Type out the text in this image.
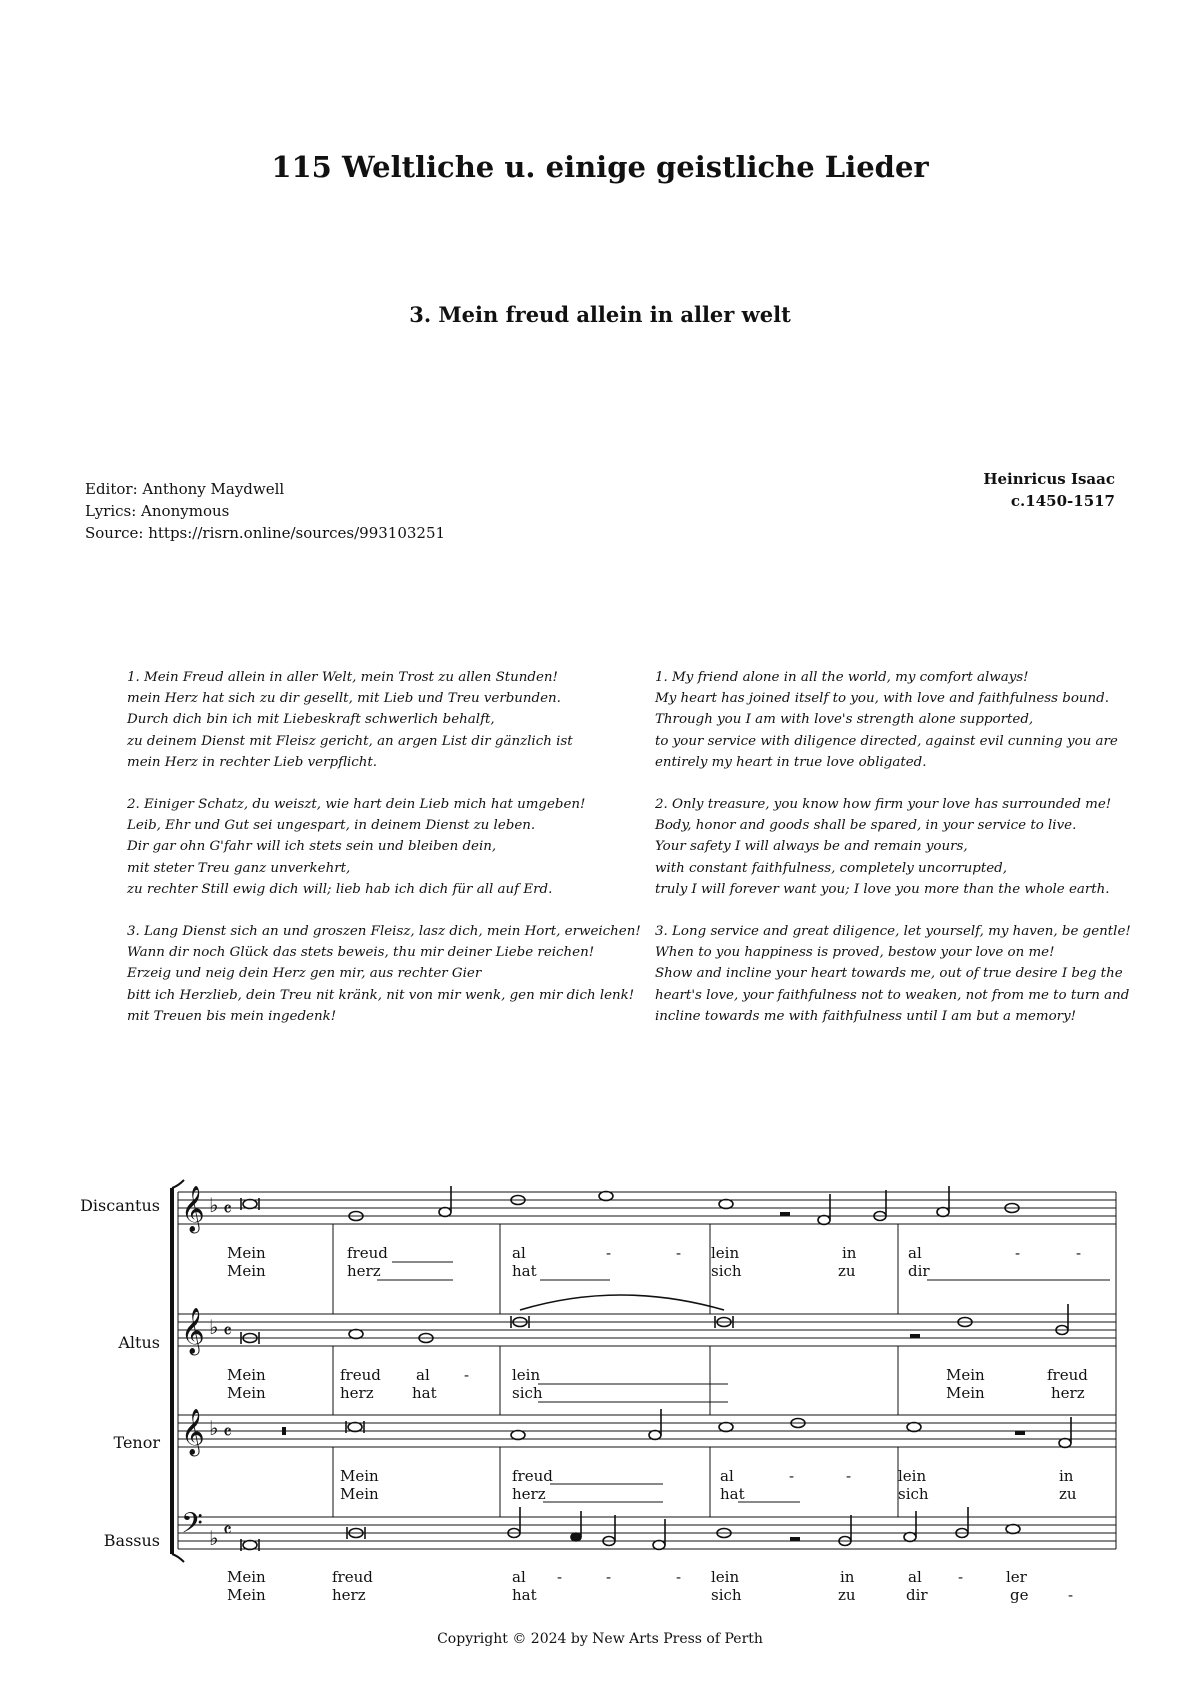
115 Weltliche u. einige geistliche Lieder
3. Mein freud allein in aller welt
Editor: Anthony Maydwell
Lyrics: Anonymous
Source: https://risrn.online/sources/993103251
Heinricus Isaac
c.1450-1517
1. Mein Freud allein in aller Welt, mein Trost zu allen Stunden!
mein Herz hat sich zu dir gesellt, mit Lieb und Treu verbunden.
Durch dich bin ich mit Liebeskraft schwerlich behalft,
zu deinem Dienst mit Fleisz gericht, an argen List dir gänzlich ist
mein Herz in rechter Lieb verpflicht.
2. Einiger Schatz, du weiszt, wie hart dein Lieb mich hat umgeben!
Leib, Ehr und Gut sei ungespart, in deinem Dienst zu leben.
Dir gar ohn G'fahr will ich stets sein und bleiben dein,
mit steter Treu ganz unverkehrt,
zu rechter Still ewig dich will; lieb hab ich dich für all auf Erd.
3. Lang Dienst sich an und groszen Fleisz, lasz dich, mein Hort, erweichen!
Wann dir noch Glück das stets beweis, thu mir deiner Liebe reichen!
Erzeig und neig dein Herz gen mir, aus rechter Gier
bitt ich Herzlieb, dein Treu nit kränk, nit von mir wenk, gen mir dich lenk!
mit Treuen bis mein ingedenk!
1. My friend alone in all the world, my comfort always!
My heart has joined itself to you, with love and faithfulness bound.
Through you I am with love's strength alone supported,
to your service with diligence directed, against evil cunning you are
entirely my heart in true love obligated.
2. Only treasure, you know how firm your love has surrounded me!
Body, honor and goods shall be spared, in your service to live.
Your safety I will always be and remain yours,
with constant faithfulness, completely uncorrupted,
truly I will forever want you; I love you more than the whole earth.
3. Long service and great diligence, let yourself, my haven, be gentle!
When to you happiness is proved, bestow your love on me!
Show and incline your heart towards me, out of true desire I beg the
heart's love, your faithfulness not to weaken, not from me to turn and
incline towards me with faithfulness until I am but a memory!
Discantus
Altus
Tenor
Bassus
𝄞
𝄞
𝄞
𝄢
♭ 𝄴
♭ 𝄴
♭ 𝄴
♭ 𝄴
Mein	freud	al	-	- lein	in	al	-	-
Mein	herz	hat	sich	zu	dir
Mein	freud al -	lein	Mein	freud
Mein	herz	hat	sich	Mein	herz
Mein	freud	al	-	-	lein	in
Mein	herz	hat	sich	zu
Mein	freud	al -	-	- lein	in	al -	ler
Mein	herz	hat	sich	zu	dir	ge	-
Copyright © 2024 by New Arts Press of Perth
